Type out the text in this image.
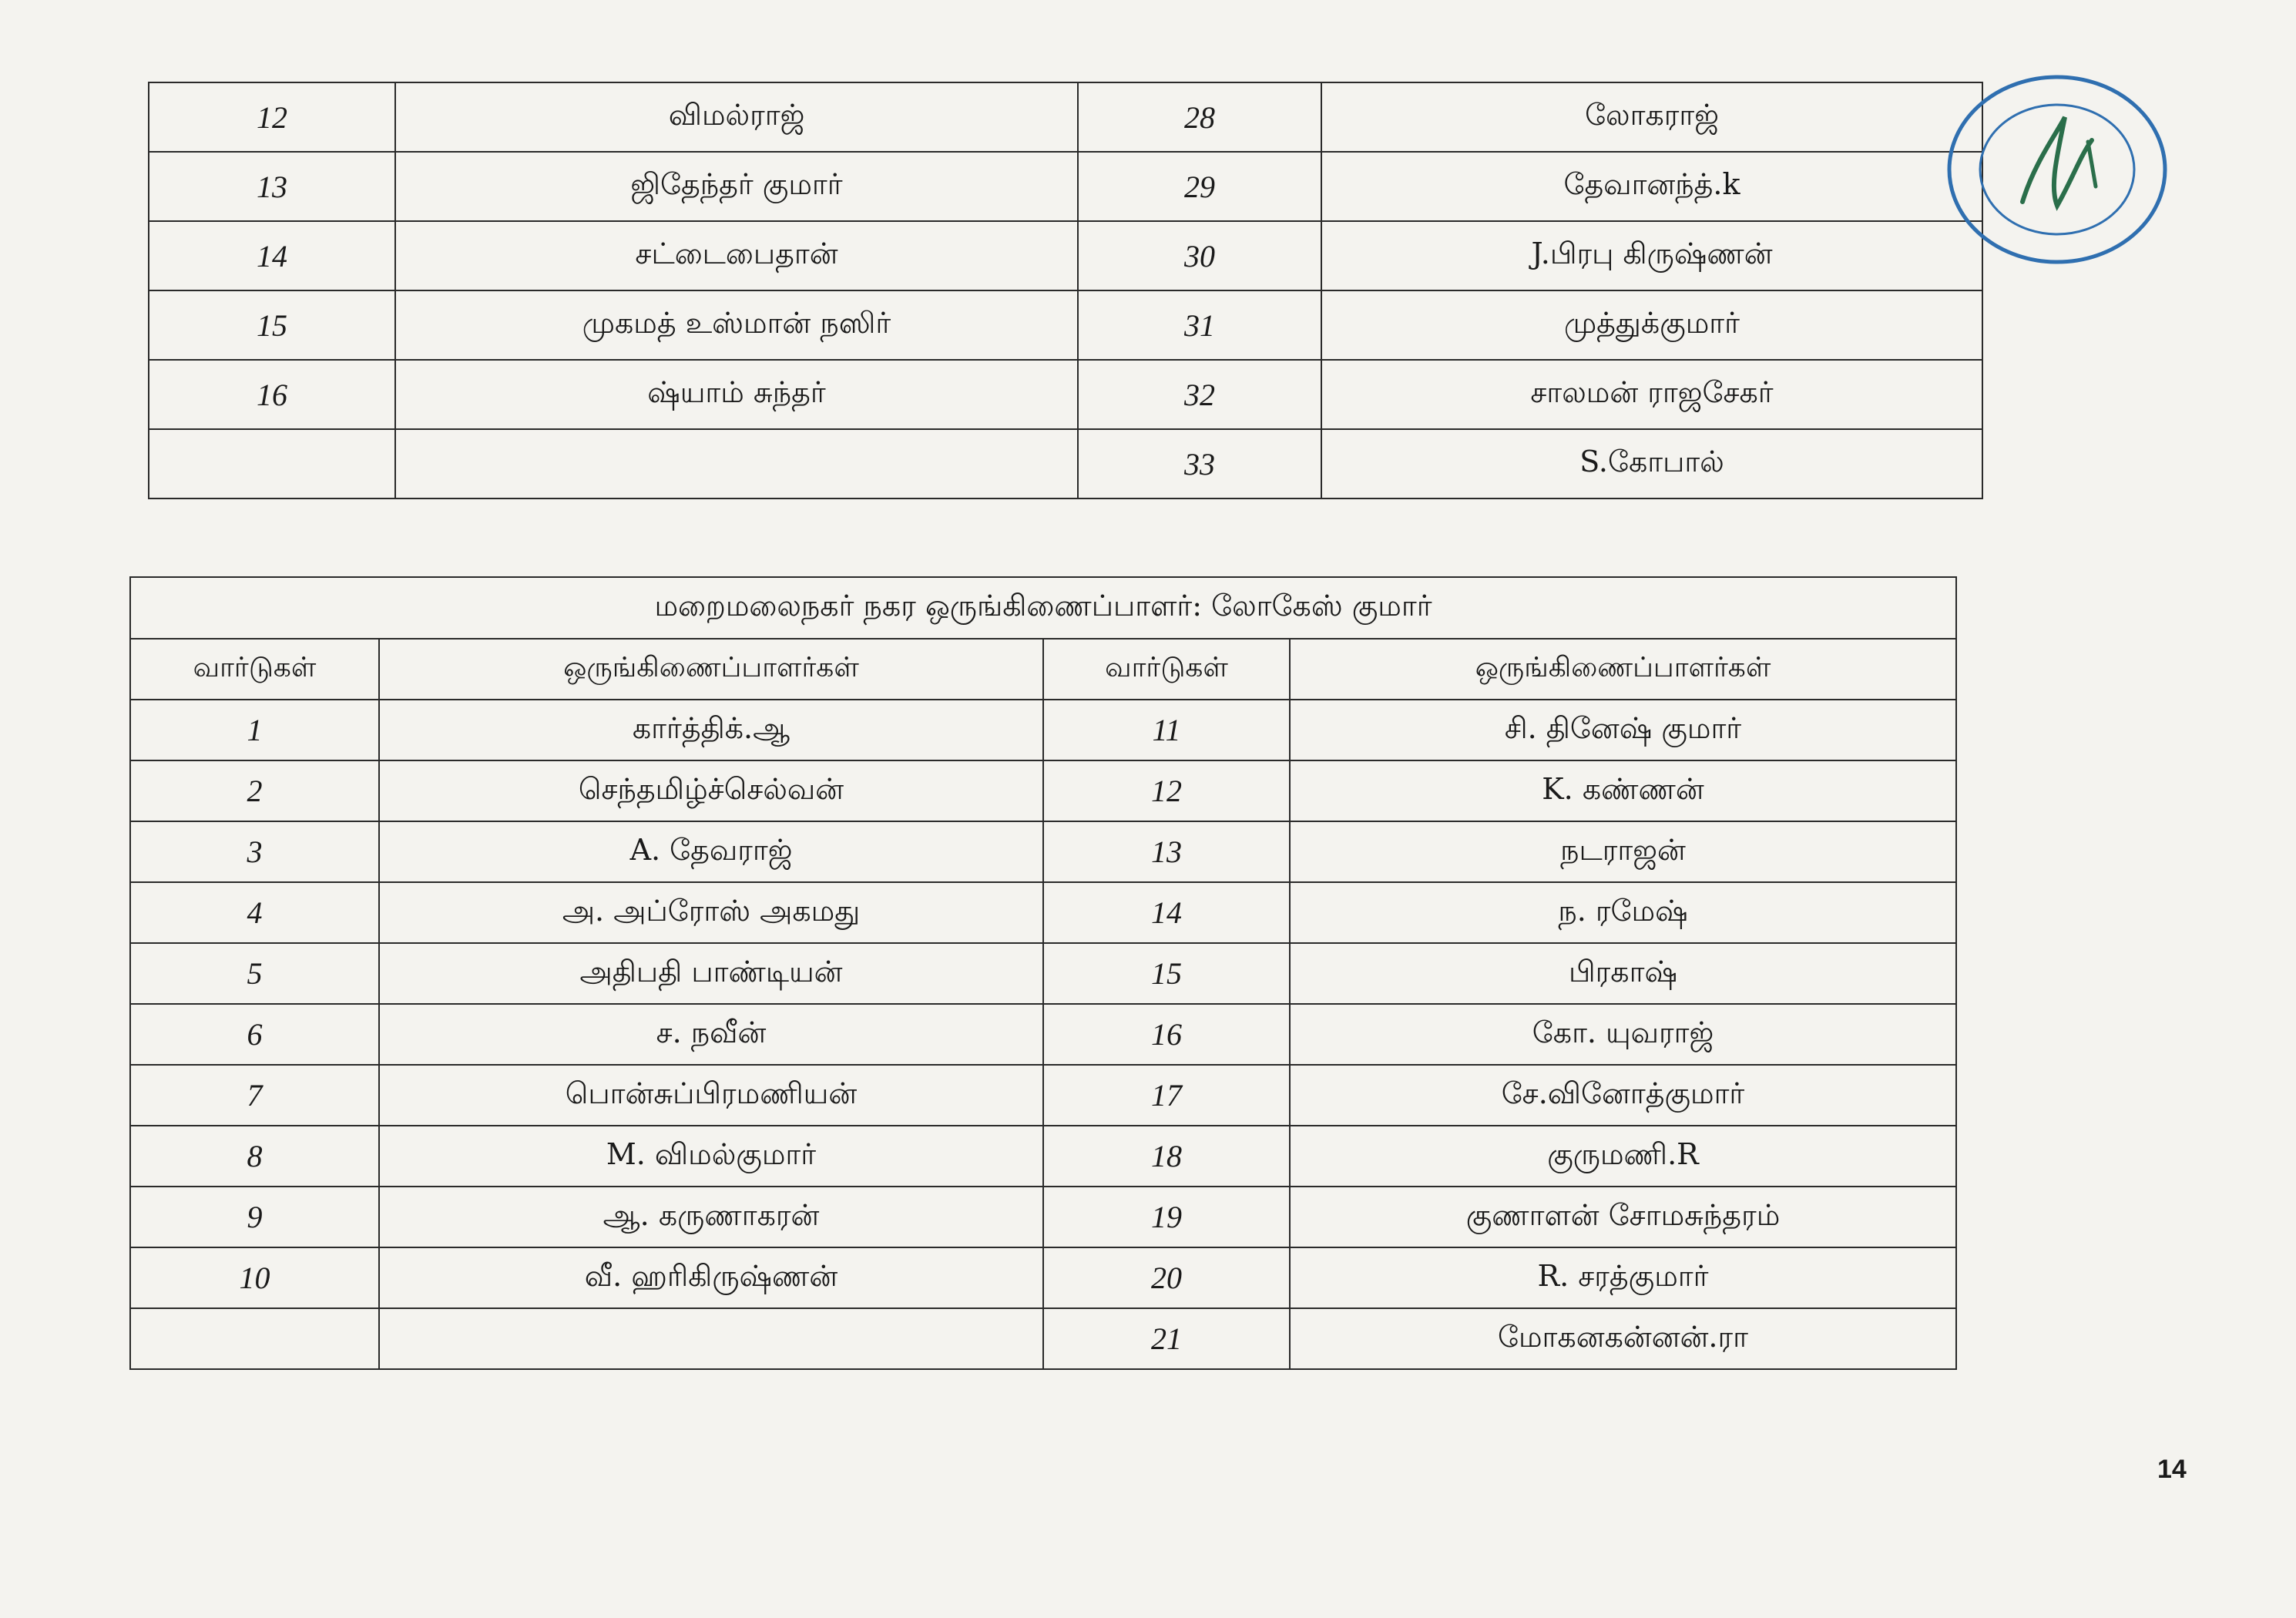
12	விமல்ராஜ்	28	லோகராஜ்
13	ஜிதேந்தர் குமார்	29	தேவானந்த்.k
14	சட்டைபைதான்	30	J.பிரபு கிருஷ்ணன்
15	முகமத் உஸ்மான் நஸிர்	31	முத்துக்குமார்
16	ஷ்யாம் சுந்தர்	32	சாலமன் ராஜசேகர்
		33	S.கோபால்
மறைமலைநகர் நகர ஒருங்கிணைப்பாளர்: லோகேஸ் குமார்			
வார்டுகள்	ஒருங்கிணைப்பாளர்கள்	வார்டுகள்	ஒருங்கிணைப்பாளர்கள்
1	கார்த்திக்.ஆ	11	சி. தினேஷ் குமார்
2	செந்தமிழ்ச்செல்வன்	12	K. கண்ணன்
3	A. தேவராஜ்	13	நடராஜன்
4	அ. அப்ரோஸ் அகமது	14	ந. ரமேஷ்
5	அதிபதி பாண்டியன்	15	பிரகாஷ்
6	ச. நவீன்	16	கோ. யுவராஜ்
7	பொன்சுப்பிரமணியன்	17	சே.வினோத்குமார்
8	M. விமல்குமார்	18	குருமணி.R
9	ஆ. கருணாகரன்	19	குணாளன் சோமசுந்தரம்
10	வீ. ஹரிகிருஷ்ணன்	20	R. சரத்குமார்
		21	மோகனகன்னன்.ரா
14
